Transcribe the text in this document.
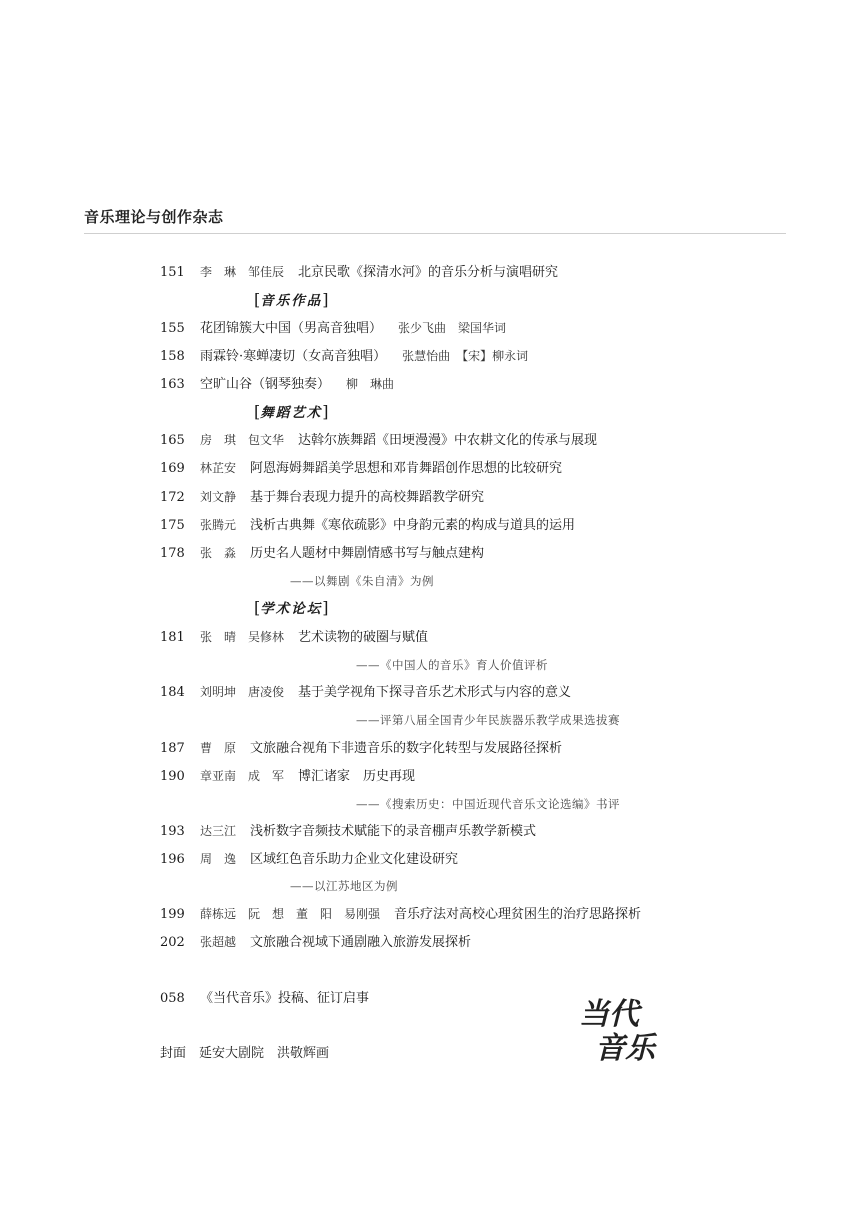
音乐理论与创作杂志
151 李　琳　邹佳辰 北京民歌《探清水河》的音乐分析与演唱研究
[音乐作品]
155 花团锦簇大中国（男高音独唱） 张少飞曲　梁国华词
158 雨霖铃·寒蝉凄切（女高音独唱） 张慧怡曲　【宋】柳永词
163 空旷山谷（钢琴独奏） 柳　琳曲
[舞蹈艺术]
165 房　琪　包文华 达斡尔族舞蹈《田埂漫漫》中农耕文化的传承与展现
169 林芷安 阿恩海姆舞蹈美学思想和邓肯舞蹈创作思想的比较研究
172 刘文静 基于舞台表现力提升的高校舞蹈教学研究
175 张腾元 浅析古典舞《寒依疏影》中身韵元素的构成与道具的运用
178 张　淼 历史名人题材中舞剧情感书写与触点建构
——以舞剧《朱自清》为例
[学术论坛]
181 张　晴　吴修林 艺术读物的破圈与赋值
——《中国人的音乐》育人价值评析
184 刘明坤　唐凌俊 基于美学视角下探寻音乐艺术形式与内容的意义
——评第八届全国青少年民族器乐教学成果选拔赛
187 曹　原 文旅融合视角下非遗音乐的数字化转型与发展路径探析
190 章亚南　成　军 博汇诸家　历史再现
——《搜索历史：中国近现代音乐文论选编》书评
193 达三江 浅析数字音频技术赋能下的录音棚声乐教学新模式
196 周　逸 区域红色音乐助力企业文化建设研究
——以江苏地区为例
199 薛栋远　阮　想　董　阳　易刚强 音乐疗法对高校心理贫困生的治疗思路探析
202 张超越 文旅融合视域下通剧融入旅游发展探析
058 《当代音乐》投稿、征订启事
封面　延安大剧院　洪敬辉画
当代
音乐
